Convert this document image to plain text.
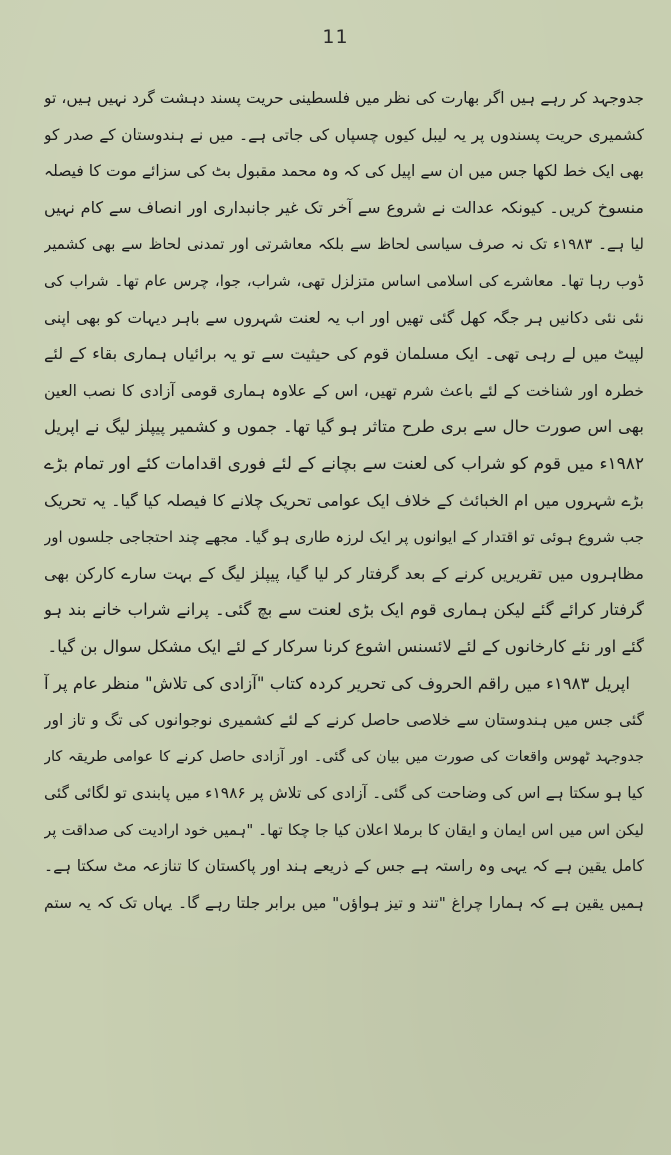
11
جدوجہد کر رہے ہیں اگر بھارت کی نظر میں فلسطینی حریت پسند دہشت گرد نہیں ہیں، تو
کشمیری حریت پسندوں پر یہ لیبل کیوں چسپاں کی جاتی ہے۔ میں نے ہندوستان کے صدر کو
بھی ایک خط لکھا جس میں ان سے اپیل کی کہ وہ محمد مقبول بٹ کی سزائے موت کا فیصلہ
منسوخ کریں۔ کیونکہ عدالت نے شروع سے آخر تک غیر جانبداری اور انصاف سے کام نہیں
لیا ہے۔ ۱۹۸۳ء تک نہ صرف سیاسی لحاظ سے بلکہ معاشرتی اور تمدنی لحاظ سے بھی کشمیر
ڈوب رہا تھا۔ معاشرے کی اسلامی اساس متزلزل تھی، شراب، جوا، چرس عام تھا۔ شراب کی
نئی نئی دکانیں ہر جگہ کھل گئی تھیں اور اب یہ لعنت شہروں سے باہر دیہات کو بھی اپنی
لپیٹ میں لے رہی تھی۔ ایک مسلمان قوم کی حیثیت سے تو یہ برائیاں ہماری بقاء کے لئے
خطرہ اور شناخت کے لئے باعث شرم تھیں، اس کے علاوہ ہماری قومی آزادی کا نصب العین
بھی اس صورت حال سے بری طرح متاثر ہو گیا تھا۔ جموں و کشمیر پیپلز لیگ نے اپریل
۱۹۸۲ء میں قوم کو شراب کی لعنت سے بچانے کے لئے فوری اقدامات کئے اور تمام بڑے
بڑے شہروں میں ام الخبائث کے خلاف ایک عوامی تحریک چلانے کا فیصلہ کیا گیا۔ یہ تحریک
جب شروع ہوئی تو اقتدار کے ایوانوں پر ایک لرزہ طاری ہو گیا۔ مجھے چند احتجاجی جلسوں اور
مظاہروں میں تقریریں کرنے کے بعد گرفتار کر لیا گیا، پیپلز لیگ کے بہت سارے کارکن بھی
گرفتار کرائے گئے لیکن ہماری قوم ایک بڑی لعنت سے بچ گئی۔ پرانے شراب خانے بند ہو
گئے اور نئے کارخانوں کے لئے لائسنس اشوع کرنا سرکار کے لئے ایک مشکل سوال بن گیا۔
اپریل ۱۹۸۳ء میں راقم الحروف کی تحریر کردہ کتاب "آزادی کی تلاش" منظر عام پر آ
گئی جس میں ہندوستان سے خلاصی حاصل کرنے کے لئے کشمیری نوجوانوں کی تگ و تاز اور
جدوجہد ٹھوس واقعات کی صورت میں بیان کی گئی۔ اور آزادی حاصل کرنے کا عوامی طریقہ کار
کیا ہو سکتا ہے اس کی وضاحت کی گئی۔ آزادی کی تلاش پر ۱۹۸۶ء میں پابندی تو لگائی گئی
لیکن اس میں اس ایمان و ایقان کا برملا اعلان کیا جا چکا تھا۔ "ہمیں خود ارادیت کی صداقت پر
کامل یقین ہے کہ یہی وہ راستہ ہے جس کے ذریعے ہند اور پاکستان کا تنازعہ مٹ سکتا ہے۔
ہمیں یقین ہے کہ ہمارا چراغ "تند و تیز ہواؤں" میں برابر جلتا رہے گا۔ یہاں تک کہ یہ ستم
